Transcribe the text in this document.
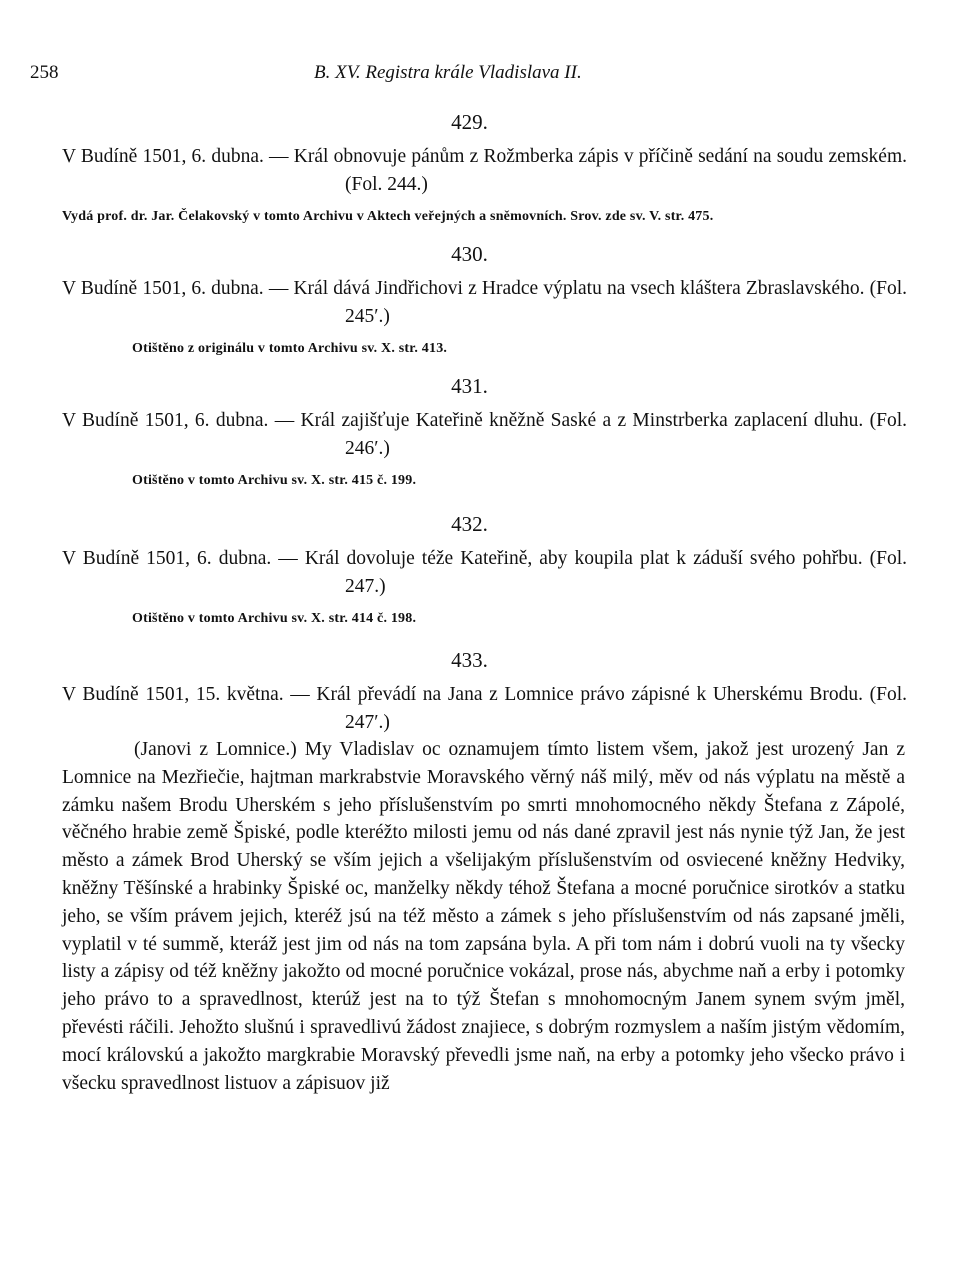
258	B. XV. Registra krále Vladislava II.
429.
V Budíně 1501, 6. dubna. — Král obnovuje pánům z Rožmberka zápis v příčině sedání na soudu zemském. (Fol. 244.)
Vydá prof. dr. Jar. Čelakovský v tomto Archivu v Aktech veřejných a sněmovních. Srov. zde sv. V. str. 475.
430.
V Budíně 1501, 6. dubna. — Král dává Jindřichovi z Hradce výplatu na vsech kláštera Zbraslavského. (Fol. 245′.)
Otištěno z originálu v tomto Archivu sv. X. str. 413.
431.
V Budíně 1501, 6. dubna. — Král zajišťuje Kateřině kněžně Saské a z Minstrberka zaplacení dluhu. (Fol. 246′.)
Otištěno v tomto Archivu sv. X. str. 415 č. 199.
432.
V Budíně 1501, 6. dubna. — Král dovoluje téže Kateřině, aby koupila plat k záduší svého pohřbu. (Fol. 247.)
Otištěno v tomto Archivu sv. X. str. 414 č. 198.
433.
V Budíně 1501, 15. května. — Král převádí na Jana z Lomnice právo zápisné k Uherskému Brodu. (Fol. 247′.)

(Janovi z Lomnice.) My Vladislav oc oznamujem tímto listem všem, jakož jest urozený Jan z Lomnice na Mezřiečie, hajtman markrabstvie Moravského věrný náš milý, měv od nás výplatu na městě a zámku našem Brodu Uherském s jeho příslušenstvím po smrti mnohomocného někdy Štefana z Zápolé, věčného hrabie země Špiské, podle kteréžto milosti jemu od nás dané zpravil jest nás nynie týž Jan, že jest město a zámek Brod Uherský se vším jejich a všelijakým příslušenstvím od osviecené kněžny Hedviky, kněžny Těšínské a hrabinky Špiské oc, manželky někdy téhož Štefana a mocné poručnice sirotkóv a statku jeho, se vším právem jejich, kteréž jsú na též město a zámek s jeho příslušenstvím od nás zapsané jměli, vyplatil v té summě, kteráž jest jim od nás na tom zapsána byla. A při tom nám i dobrú vuoli na ty všecky listy a zápisy od též kněžny jakožto od mocné poručnice vokázal, prose nás, abychme naň a erby i potomky jeho právo to a spravedlnost, kterúž jest na to týž Štefan s mnohomocným Janem synem svým jměl, převésti ráčili. Jehožto slušnú i spravedlivú žádost znajiece, s dobrým rozmyslem a naším jistým vědomím, mocí královskú a jakožto margkrabie Moravský převedli jsme naň, na erby a potomky jeho všecko právo i všecku spravedlnost listuov a zápisuov již
